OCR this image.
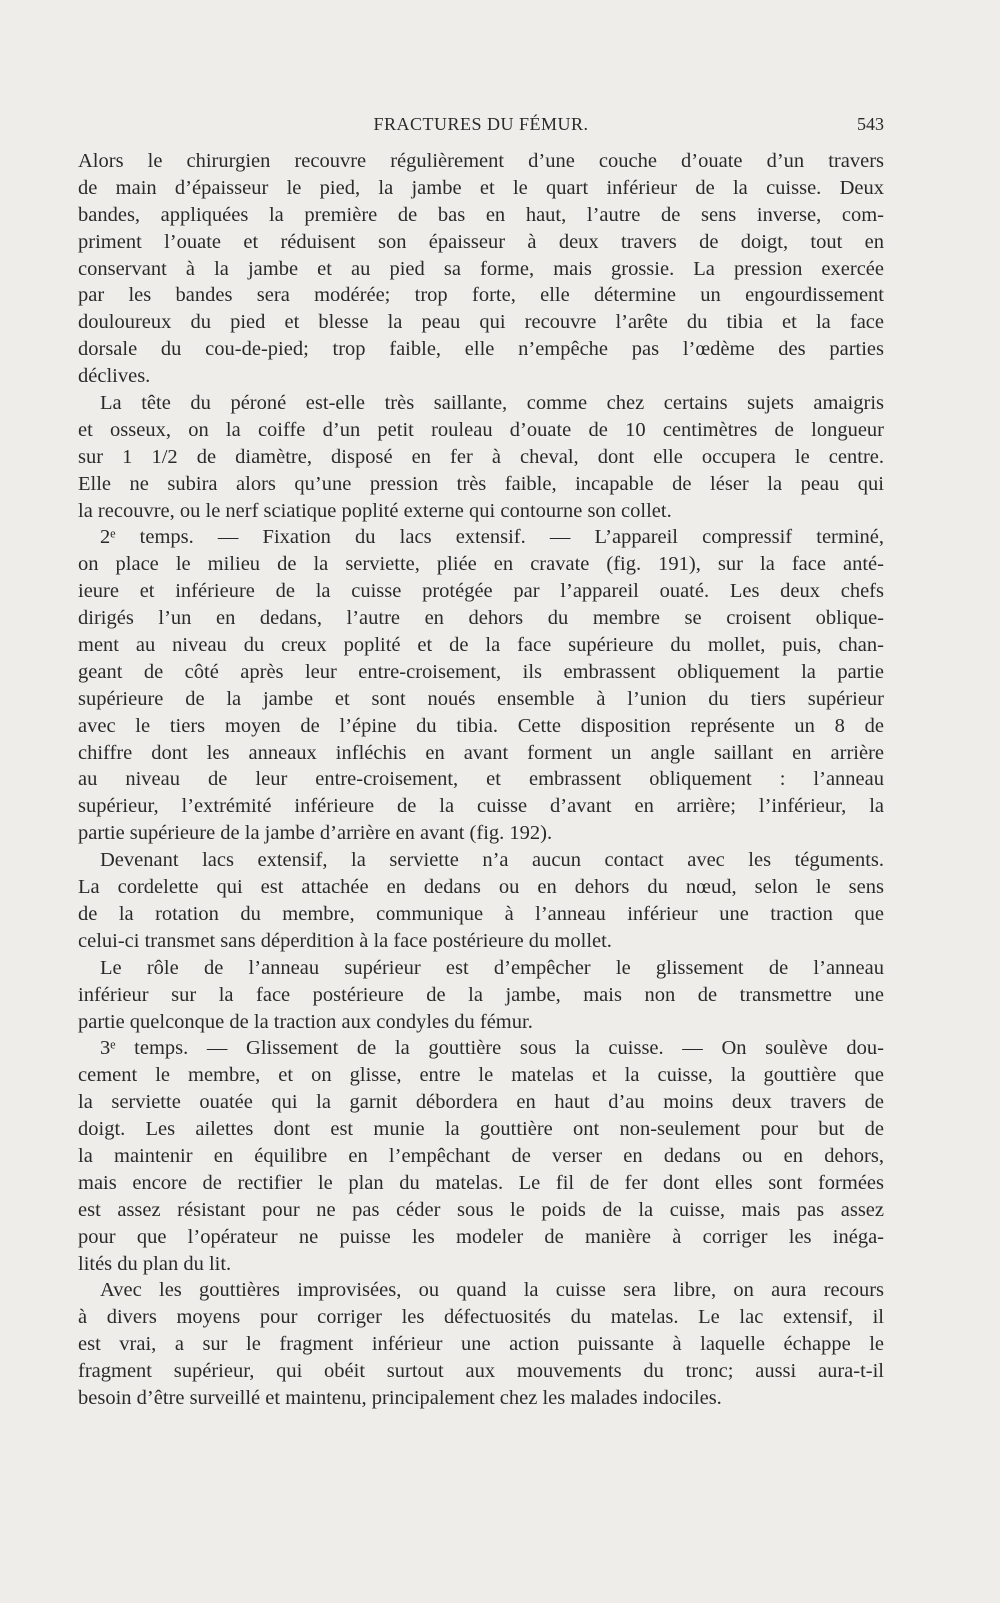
FRACTURES DU FÉMUR.	543
Alors le chirurgien recouvre régulièrement d’une couche d’ouate d’un travers
de main d’épaisseur le pied, la jambe et le quart inférieur de la cuisse. Deux
bandes, appliquées la première de bas en haut, l’autre de sens inverse, com-
priment l’ouate et réduisent son épaisseur à deux travers de doigt, tout en
conservant à la jambe et au pied sa forme, mais grossie. La pression exercée
par les bandes sera modérée; trop forte, elle détermine un engourdissement
douloureux du pied et blesse la peau qui recouvre l’arête du tibia et la face
dorsale du cou-de-pied; trop faible, elle n’empêche pas l’œdème des parties
déclives.
La tête du péroné est-elle très saillante, comme chez certains sujets amaigris
et osseux, on la coiffe d’un petit rouleau d’ouate de 10 centimètres de longueur
sur 1 1/2 de diamètre, disposé en fer à cheval, dont elle occupera le centre.
Elle ne subira alors qu’une pression très faible, incapable de léser la peau qui
la recouvre, ou le nerf sciatique poplité externe qui contourne son collet.
2ᵉ temps. — Fixation du lacs extensif. — L’appareil compressif terminé,
on place le milieu de la serviette, pliée en cravate (fig. 191), sur la face anté-
ieure et inférieure de la cuisse protégée par l’appareil ouaté. Les deux chefs
dirigés l’un en dedans, l’autre en dehors du membre se croisent oblique-
ment au niveau du creux poplité et de la face supérieure du mollet, puis, chan-
geant de côté après leur entre-croisement, ils embrassent obliquement la partie
supérieure de la jambe et sont noués ensemble à l’union du tiers supérieur
avec le tiers moyen de l’épine du tibia. Cette disposition représente un 8 de
chiffre dont les anneaux infléchis en avant forment un angle saillant en arrière
au niveau de leur entre-croisement, et embrassent obliquement : l’anneau
supérieur, l’extrémité inférieure de la cuisse d’avant en arrière; l’inférieur, la
partie supérieure de la jambe d’arrière en avant (fig. 192).
Devenant lacs extensif, la serviette n’a aucun contact avec les téguments.
La cordelette qui est attachée en dedans ou en dehors du nœud, selon le sens
de la rotation du membre, communique à l’anneau inférieur une traction que
celui-ci transmet sans déperdition à la face postérieure du mollet.
Le rôle de l’anneau supérieur est d’empêcher le glissement de l’anneau
inférieur sur la face postérieure de la jambe, mais non de transmettre une
partie quelconque de la traction aux condyles du fémur.
3ᵉ temps. — Glissement de la gouttière sous la cuisse. — On soulève dou-
cement le membre, et on glisse, entre le matelas et la cuisse, la gouttière que
la serviette ouatée qui la garnit débordera en haut d’au moins deux travers de
doigt. Les ailettes dont est munie la gouttière ont non-seulement pour but de
la maintenir en équilibre en l’empêchant de verser en dedans ou en dehors,
mais encore de rectifier le plan du matelas. Le fil de fer dont elles sont formées
est assez résistant pour ne pas céder sous le poids de la cuisse, mais pas assez
pour que l’opérateur ne puisse les modeler de manière à corriger les inéga-
lités du plan du lit.
Avec les gouttières improvisées, ou quand la cuisse sera libre, on aura recours
à divers moyens pour corriger les défectuosités du matelas. Le lac extensif, il
est vrai, a sur le fragment inférieur une action puissante à laquelle échappe le
fragment supérieur, qui obéit surtout aux mouvements du tronc; aussi aura-t-il
besoin d’être surveillé et maintenu, principalement chez les malades indociles.
